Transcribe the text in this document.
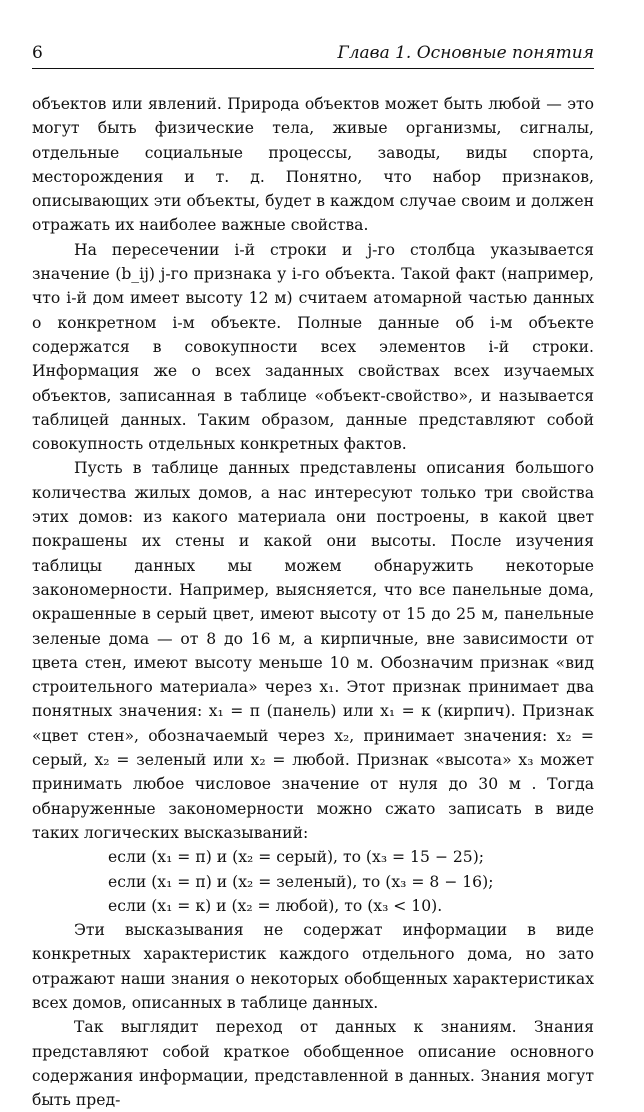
6	Глава 1. Основные понятия

объектов или явлений. Природа объектов может быть любой — это могут быть физические тела, живые организмы, сигналы, отдельные социальные процессы, заводы, виды спорта, месторождения и т. д. Понятно, что набор признаков, описывающих эти объекты, будет в каждом случае своим и должен отражать их наиболее важные свойства.

На пересечении i-й строки и j-го столбца указывается значение (b_ij) j-го признака у i-го объекта. Такой факт (например, что i-й дом имеет высоту 12 м) считаем атомарной частью данных о конкретном i-м объекте. Полные данные об i-м объекте содержатся в совокупности всех элементов i-й строки. Информация же о всех заданных свойствах всех изучаемых объектов, записанная в таблице «объект-свойство», и называется таблицей данных. Таким образом, данные представляют собой совокупность отдельных конкретных фактов.

Пусть в таблице данных представлены описания большого количества жилых домов, а нас интересуют только три свойства этих домов: из какого материала они построены, в какой цвет покрашены их стены и какой они высоты. После изучения таблицы данных мы можем обнаружить некоторые закономерности. Например, выясняется, что все панельные дома, окрашенные в серый цвет, имеют высоту от 15 до 25 м, панельные зеленые дома — от 8 до 16 м, а кирпичные, вне зависимости от цвета стен, имеют высоту меньше 10 м. Обозначим признак «вид строительного материала» через x₁. Этот признак принимает два понятных значения: x₁ = п (панель) или x₁ = к (кирпич). Признак «цвет стен», обозначаемый через x₂, принимает значения: x₂ = серый, x₂ = зеленый или x₂ = любой. Признак «высота» x₃ может принимать любое числовое значение от нуля до 30 м . Тогда обнаруженные закономерности можно сжато записать в виде таких логических высказываний:

если (x₁ = п) и (x₂ = серый), то (x₃ = 15 − 25);
если (x₁ = п) и (x₂ = зеленый), то (x₃ = 8 − 16);
если (x₁ = к) и (x₂ = любой), то (x₃ < 10).

Эти высказывания не содержат информации в виде конкретных характеристик каждого отдельного дома, но зато отражают наши знания о некоторых обобщенных характеристиках всех домов, описанных в таблице данных.

Так выглядит переход от данных к знаниям. Знания представляют собой краткое обобщенное описание основного содержания информации, представленной в данных. Знания могут быть пред-
